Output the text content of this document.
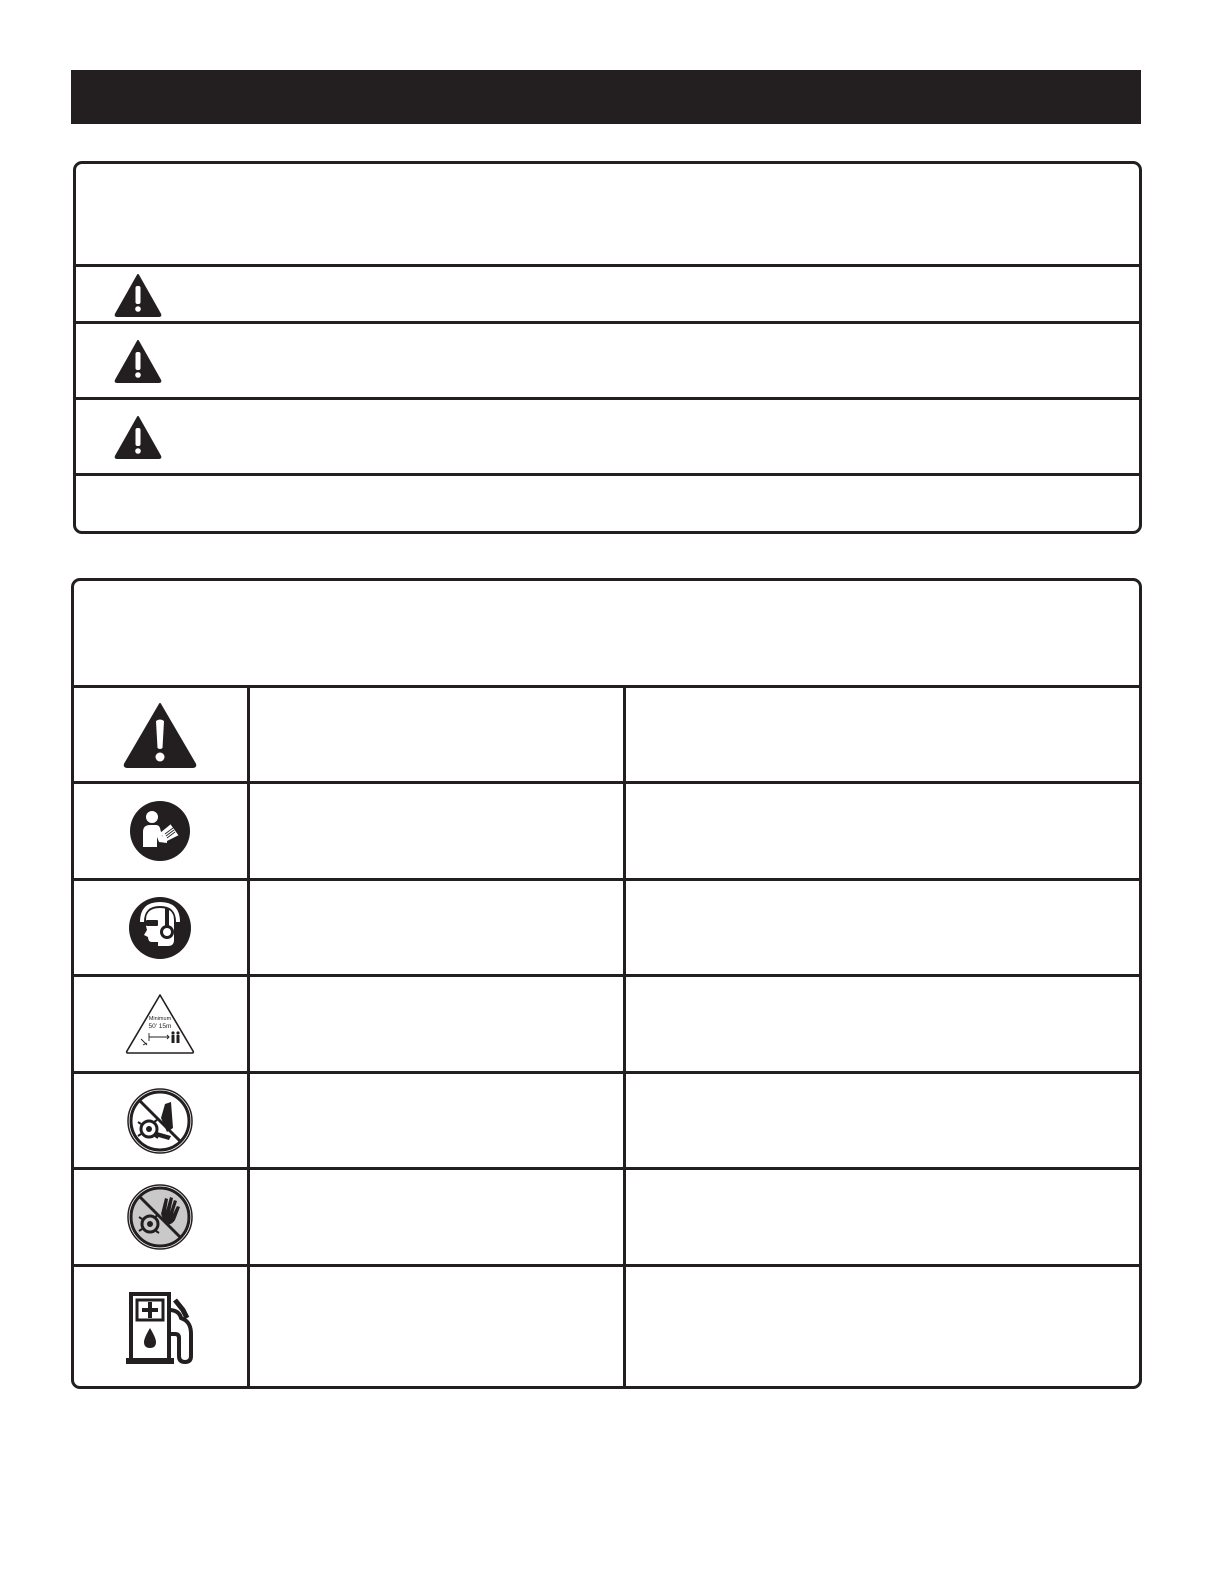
Minimum
50' 15m
